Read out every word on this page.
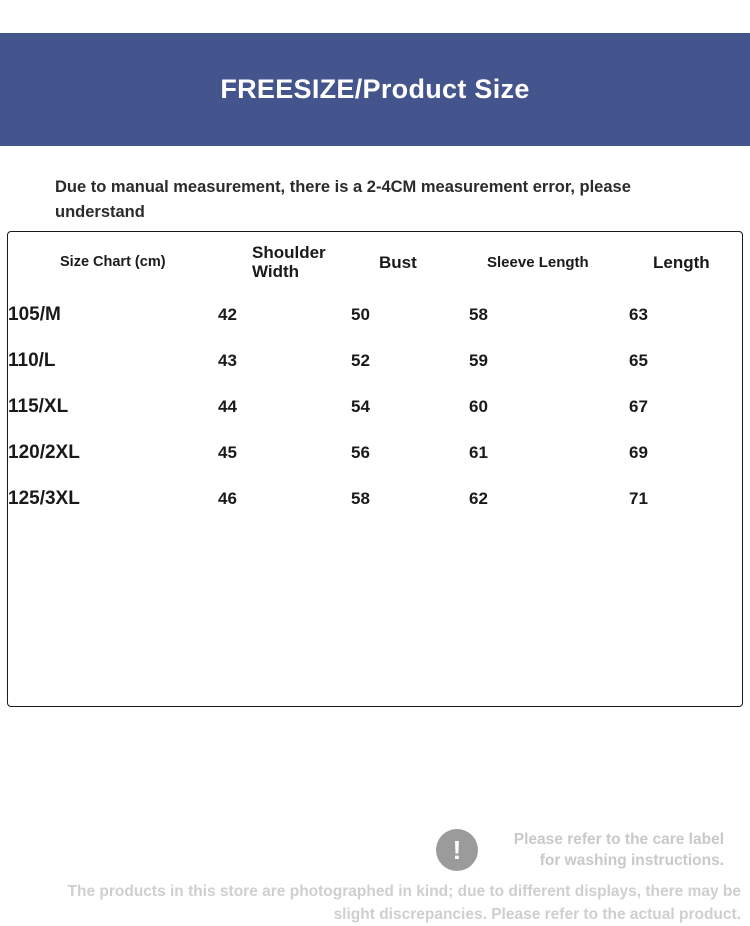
FREESIZE/Product Size
Due to manual measurement, there is a 2-4CM measurement error, please understand
Size Chart (cm)	Shoulder Width	Bust	Sleeve Length	Length
105/M	42	50	58	63
110/L	43	52	59	65
115/XL	44	54	60	67
120/2XL	45	56	61	69
125/3XL	46	58	62	71
!	Please refer to the care label for washing instructions.
The products in this store are photographed in kind; due to different displays, there may be slight discrepancies. Please refer to the actual product.
